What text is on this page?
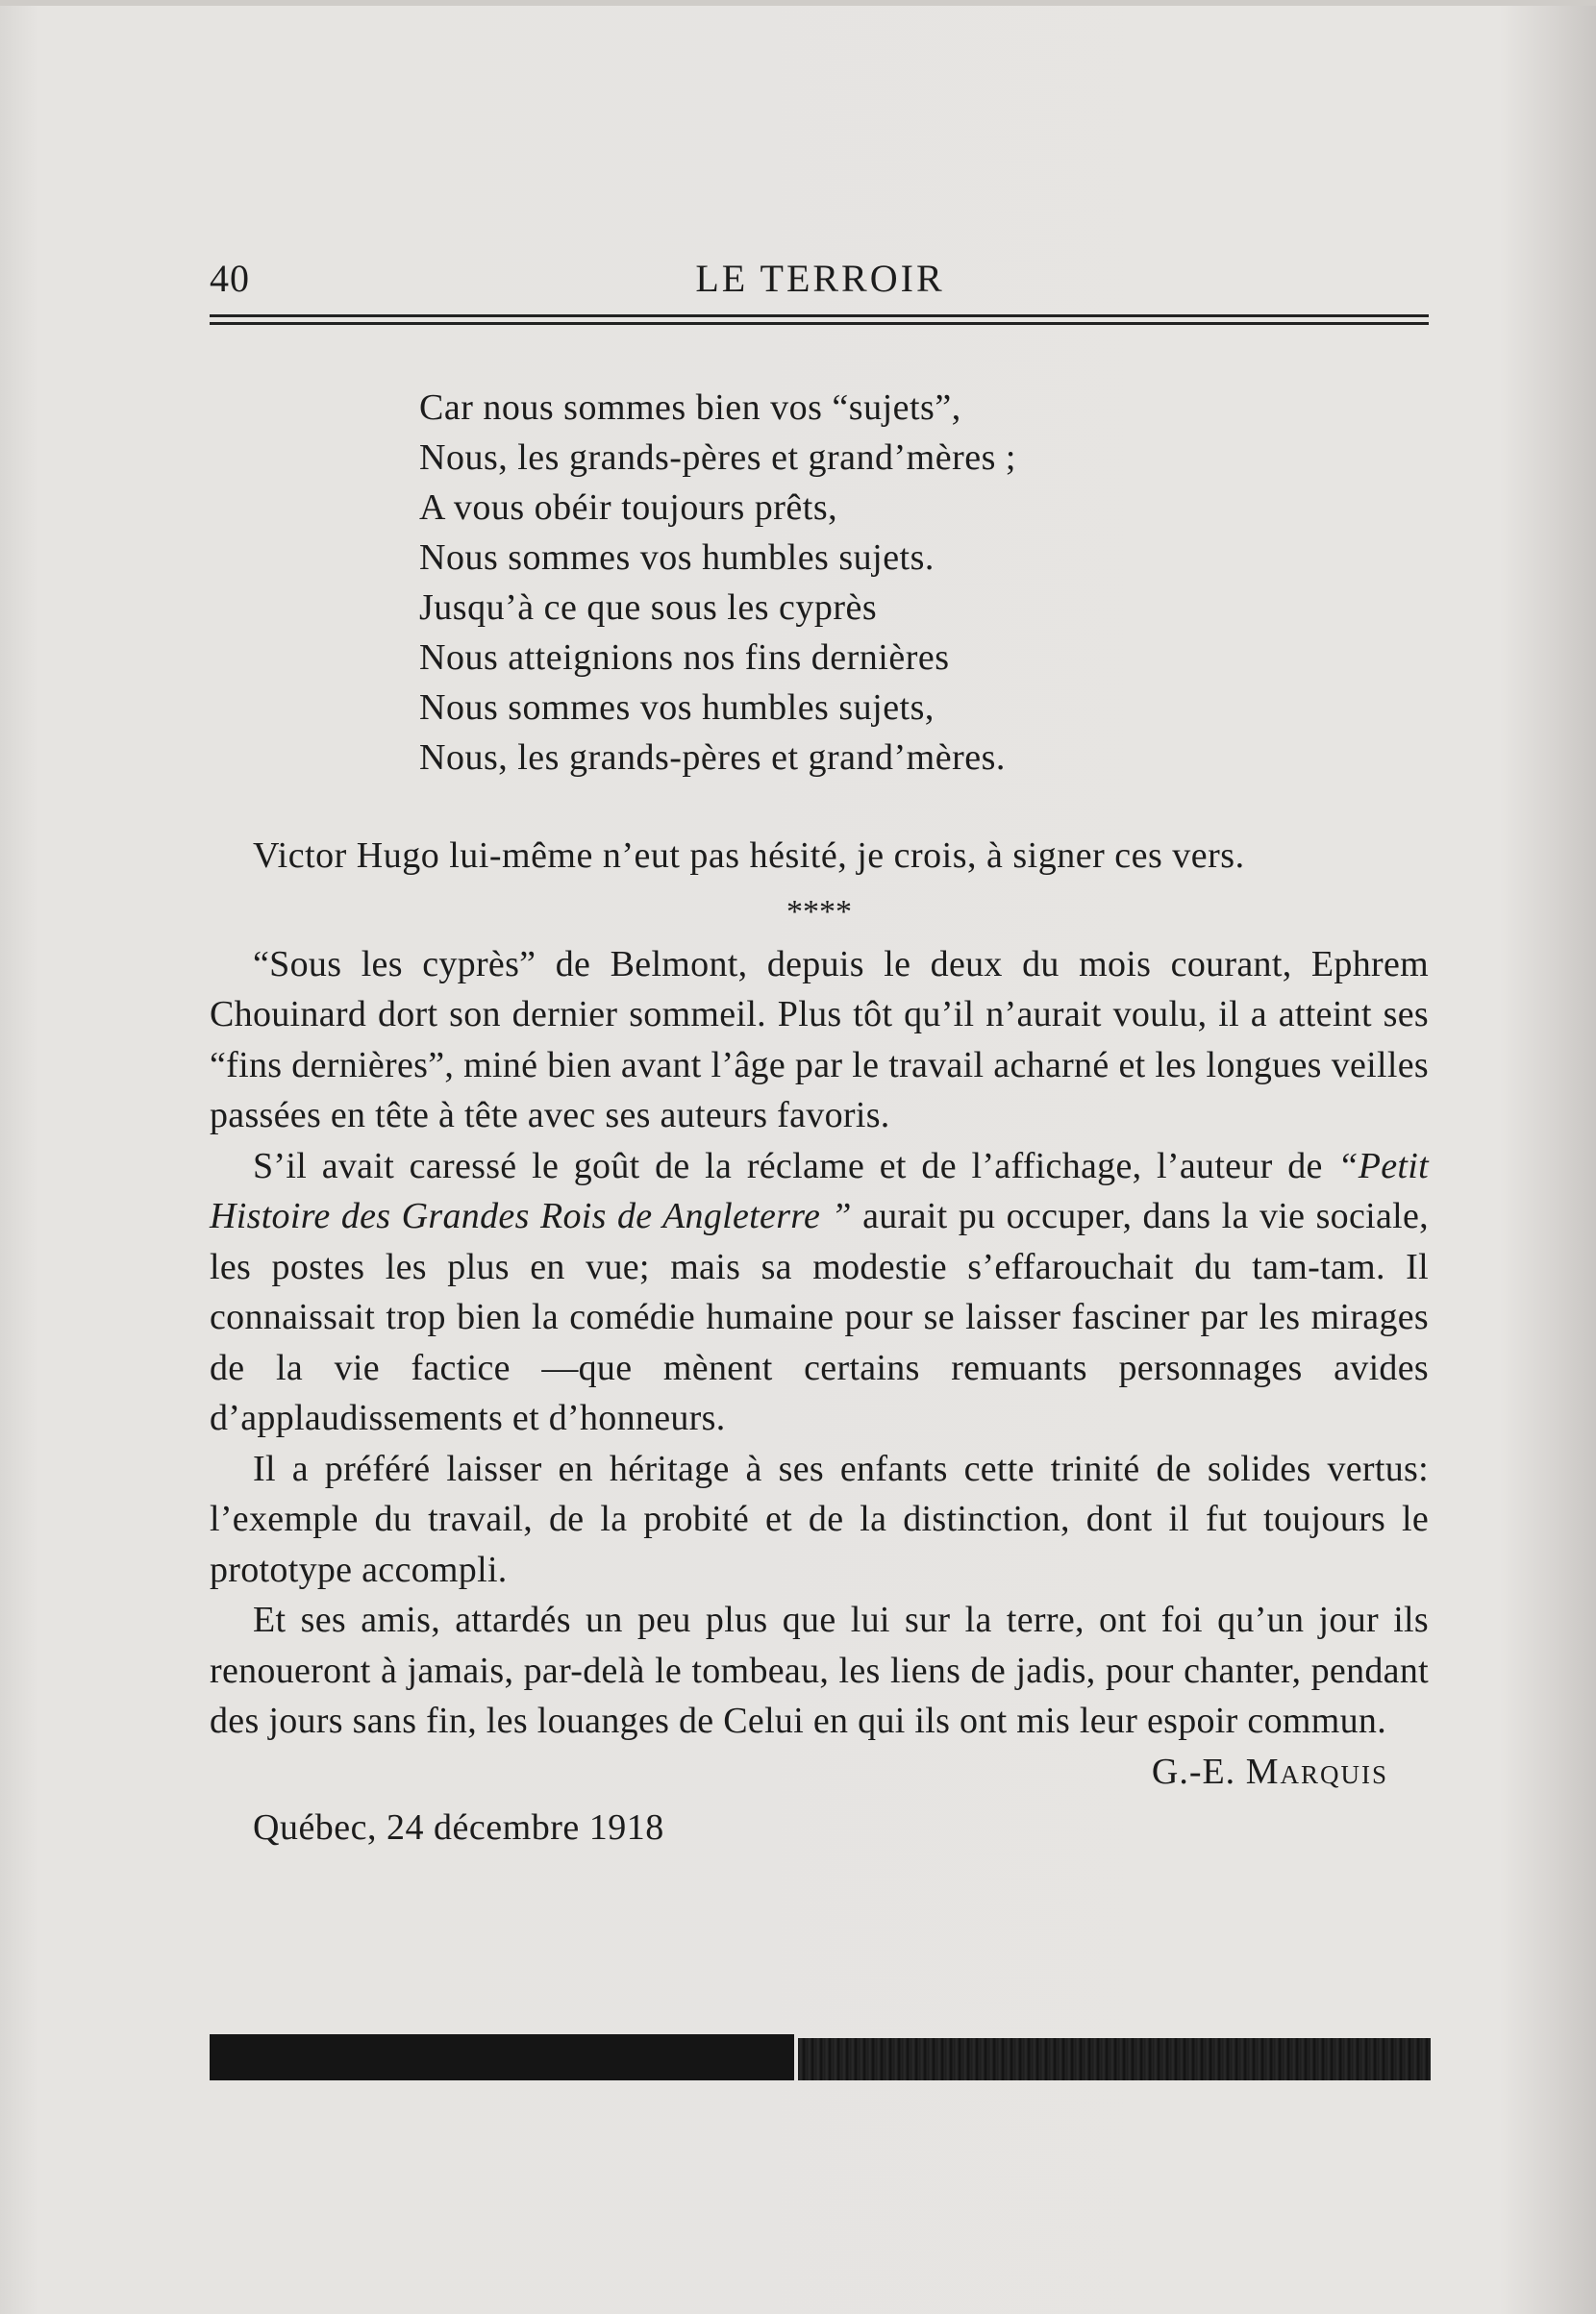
40	LE TERROIR
Car nous sommes bien vos “sujets”,
Nous, les grands-pères et grand’mères ;
A vous obéir toujours prêts,
Nous sommes vos humbles sujets.
Jusqu’à ce que sous les cyprès
Nous atteignions nos fins dernières
Nous sommes vos humbles sujets,
Nous, les grands-pères et grand’mères.

Victor Hugo lui-même n’eut pas hésité, je crois, à signer ces vers.

****

“Sous les cyprès” de Belmont, depuis le deux du mois courant, Ephrem Chouinard dort son dernier sommeil. Plus tôt qu’il n’aurait voulu, il a atteint ses “fins dernières”, miné bien avant l’âge par le travail acharné et les longues veilles passées en tête à tête avec ses auteurs favoris.

S’il avait caressé le goût de la réclame et de l’affichage, l’auteur de “Petit Histoire des Grandes Rois de Angleterre ” aurait pu occuper, dans la vie sociale, les postes les plus en vue; mais sa modestie s’effarouchait du tam-tam. Il connaissait trop bien la comédie humaine pour se laisser fasciner par les mirages de la vie factice —que mènent certains remuants personnages avides d’applaudissements et d’honneurs.

Il a préféré laisser en héritage à ses enfants cette trinité de solides vertus: l’exemple du travail, de la probité et de la distinction, dont il fut toujours le prototype accompli.

Et ses amis, attardés un peu plus que lui sur la terre, ont foi qu’un jour ils renoueront à jamais, par-delà le tombeau, les liens de jadis, pour chanter, pendant des jours sans fin, les louanges de Celui en qui ils ont mis leur espoir commun.

G.-E. Marquis
Québec, 24 décembre 1918
